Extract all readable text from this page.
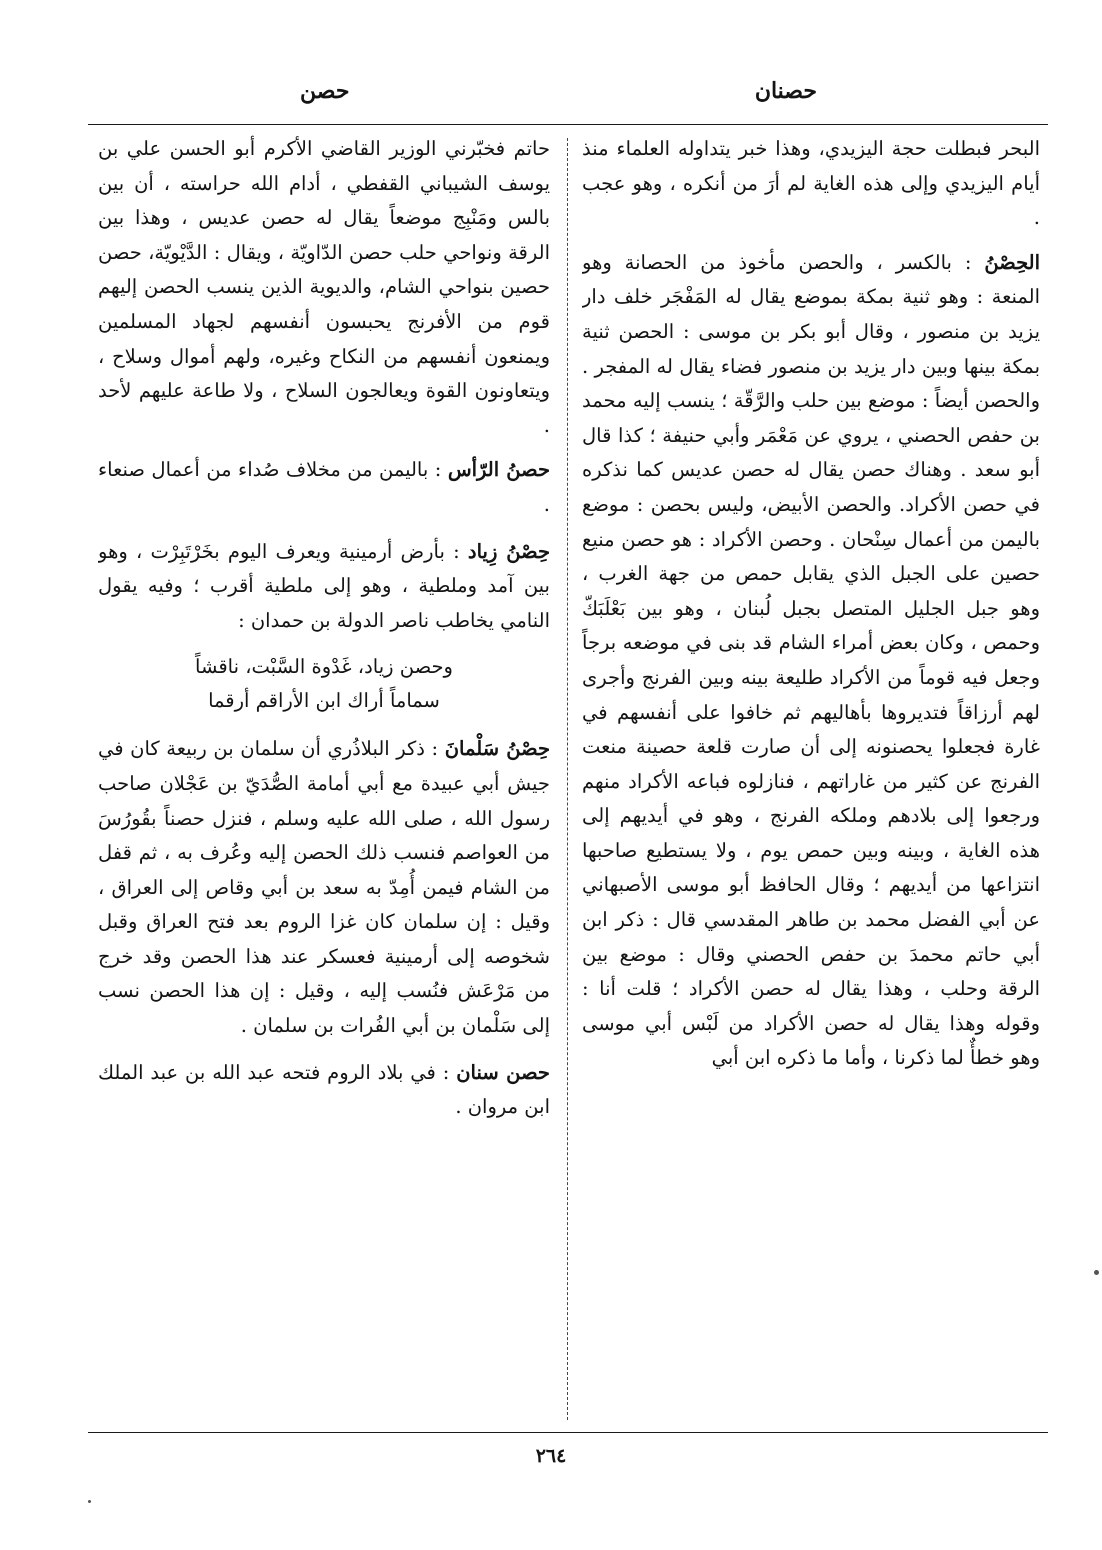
حصنان
حصن

البحر فبطلت حجة اليزيدي، وهذا خبر يتداوله العلماء منذ أيام اليزيدي وإلى هذه الغاية لم أرَ من أنكره ، وهو عجب .

الحِصْنُ : بالكسر ، والحصن مأخوذ من الحصانة وهو المنعة : وهو ثنية بمكة بموضع يقال له المَفْجَر خلف دار يزيد بن منصور ، وقال أبو بكر بن موسى : الحصن ثنية بمكة بينها وبين دار يزيد بن منصور فضاء يقال له المفجر . والحصن أيضاً : موضع بين حلب والرَّقّة ؛ ينسب إليه محمد بن حفص الحصني ، يروي عن مَعْمَر وأبي حنيفة ؛ كذا قال أبو سعد . وهناك حصن يقال له حصن عديس كما نذكره في حصن الأكراد. والحصن الأبيض، وليس بحصن : موضع باليمن من أعمال سِنْحان . وحصن الأكراد : هو حصن منيع حصين على الجبل الذي يقابل حمص من جهة الغرب ، وهو جبل الجليل المتصل بجبل لُبنان ، وهو بين بَعْلَبَكّ وحمص ، وكان بعض أمراء الشام قد بنى في موضعه برجاً وجعل فيه قوماً من الأكراد طليعة بينه وبين الفرنج وأجرى لهم أرزاقاً فتديروها بأهاليهم ثم خافوا على أنفسهم في غارة فجعلوا يحصنونه إلى أن صارت قلعة حصينة منعت الفرنج عن كثير من غاراتهم ، فنازلوه فباعه الأكراد منهم ورجعوا إلى بلادهم وملكه الفرنج ، وهو في أيديهم إلى هذه الغاية ، وبينه وبين حمص يوم ، ولا يستطيع صاحبها انتزاعها من أيديهم ؛ وقال الحافظ أبو موسى الأصبهاني عن أبي الفضل محمد بن طاهر المقدسي قال : ذكر ابن أبي حاتم محمدَ بن حفص الحصني وقال : موضع بين الرقة وحلب ، وهذا يقال له حصن الأكراد ؛ قلت أنا : وقوله وهذا يقال له حصن الأكراد من لَبْس أبي موسى وهو خطأٌ لما ذكرنا ، وأما ما ذكره ابن أبي

حاتم فخبّرني الوزير القاضي الأكرم أبو الحسن علي بن يوسف الشيباني القفطي ، أدام الله حراسته ، أن بين بالس ومَنْبِج موضعاً يقال له حصن عديس ، وهذا بين الرقة ونواحي حلب حصن الدّاويّة ، ويقال : الدَّيْويّة، حصن حصين بنواحي الشام، والديوية الذين ينسب الحصن إليهم قوم من الأفرنج يحبسون أنفسهم لجهاد المسلمين ويمنعون أنفسهم من النكاح وغيره، ولهم أموال وسلاح ، ويتعاونون القوة ويعالجون السلاح ، ولا طاعة عليهم لأحد .

حصنُ الرّأس : باليمن من مخلاف صُداء من أعمال صنعاء .

حِصْنُ زِياد : بأرض أرمينية ويعرف اليوم بخَرْتَبِرْت ، وهو بين آمد وملطية ، وهو إلى ملطية أقرب ؛ وفيه يقول النامي يخاطب ناصر الدولة بن حمدان :

وحصن زياد، غَدْوة السَّبْت، ناقشاً
سماماً أراك ابن الأراقم أرقما

حِصْنُ سَلْمانَ : ذكر البلاذُري أن سلمان بن ربيعة كان في جيش أبي عبيدة مع أبي أمامة الصُّدَيّ بن عَجْلان صاحب رسول الله ، صلى الله عليه وسلم ، فنزل حصناً بقُورُسَ من العواصم فنسب ذلك الحصن إليه وعُرف به ، ثم قفل من الشام فيمن أُمِدّ به سعد بن أبي وقاص إلى العراق ، وقيل : إن سلمان كان غزا الروم بعد فتح العراق وقبل شخوصه إلى أرمينية فعسكر عند هذا الحصن وقد خرج من مَرْعَش فنُسب إليه ، وقيل : إن هذا الحصن نسب إلى سَلْمان بن أبي الفُرات بن سلمان .

حصن سنان : في بلاد الروم فتحه عبد الله بن عبد الملك ابن مروان .

٢٦٤
